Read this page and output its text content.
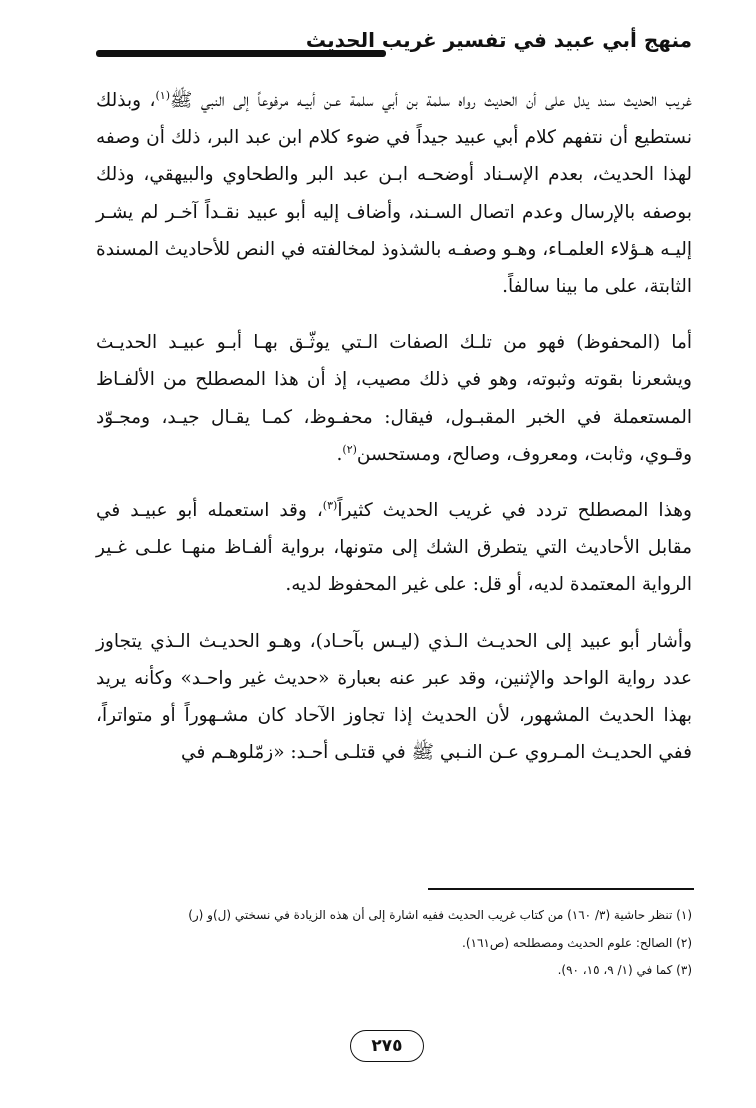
منهج أبي عبيد في تفسير غريب الحديث

غريب الحديث سند يدل على أن الحديث رواه سلمة بن أبي سلمة عـن أبيـه مرفوعاً إلى النبي ﷺ$^{(١)}$، وبذلك نستطيع أن نتفهم كلام أبي عبيد جيداً في ضوء كلام ابن عبد البر، ذلك أن وصفه لهذا الحديث، بعدم الإسـناد أوضحـه ابـن عبد البر والطحاوي والبيهقي، وذلك بوصفه بالإرسال وعدم اتصال السـند، وأضاف إليه أبو عبيد نقـداً آخـر لم يشـر إليـه هـؤلاء العلمـاء، وهـو وصفـه بالشذوذ لمخالفته في النص للأحاديث المسندة الثابتة، على ما بينا سالفاً.

أما (المحفوظ) فهو من تلـك الصفات الـتي يوثّـق بهـا أبـو عبيـد الحديـث ويشعرنا بقوته وثبوته، وهو في ذلك مصيب، إذ أن هذا المصطلح من الألفـاظ المستعملة في الخبر المقبـول، فيقال: محفـوظ، كمـا يقـال جيـد، ومجـوّد وقـوي، وثابت، ومعروف، وصالح، ومستحسن$^{(٢)}$.

وهذا المصطلح تردد في غريب الحديث كثيراً$^{(٣)}$، وقد استعمله أبو عبيـد في مقابل الأحاديث التي يتطرق الشك إلى متونها، برواية ألفـاظ منهـا علـى غـير الرواية المعتمدة لديه، أو قل: على غير المحفوظ لديه.

وأشار أبو عبيد إلى الحديـث الـذي (ليـس بآحـاد)، وهـو الحديـث الـذي يتجاوز عدد رواية الواحد والإثنين، وقد عبر عنه بعبارة «حديث غير واحـد» وكأنه يريد بهذا الحديث المشهور، لأن الحديث إذا تجاوز الآحاد كان مشـهوراً أو متواتراً، ففي الحديـث المـروي عـن النـبي ﷺ في قتلـى أحـد: «زمّلوهـم في

(١) تنظر حاشية (٣/ ١٦٠) من كتاب غريب الحديث ففيه اشارة إلى أن هذه الزيادة في نسختي (ل)و (ر)

(٢) الصالح: علوم الحديث ومصطلحه (ص١٦١).

(٣) كما في (١/ ٩، ١٥، ٩٠).

٢٧٥
